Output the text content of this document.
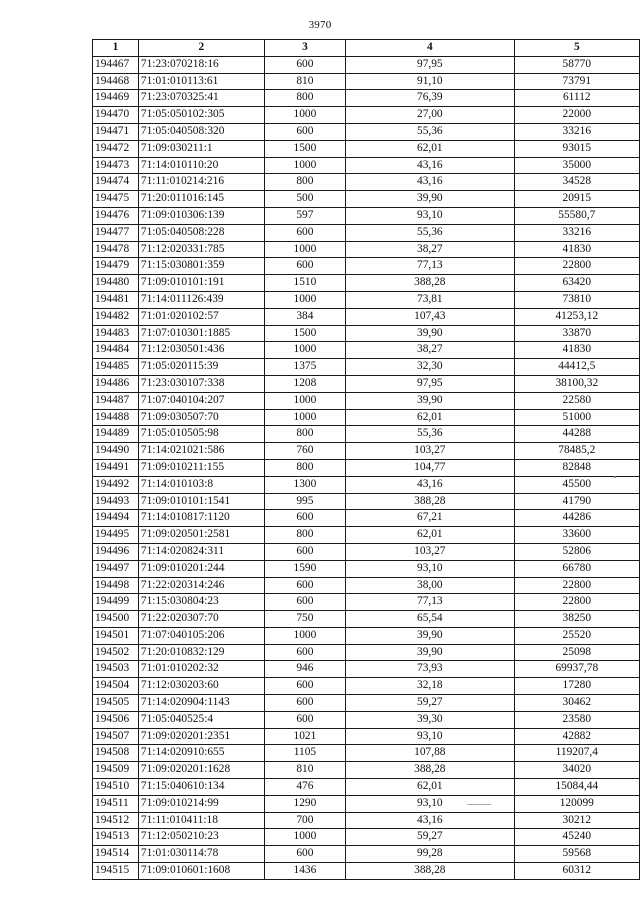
3970
1	2	3	4	5
194467	71:23:070218:16	600	97,95	58770
194468	71:01:010113:61	810	91,10	73791
194469	71:23:070325:41	800	76,39	61112
194470	71:05:050102:305	1000	27,00	22000
194471	71:05:040508:320	600	55,36	33216
194472	71:09:030211:1	1500	62,01	93015
194473	71:14:010110:20	1000	43,16	35000
194474	71:11:010214:216	800	43,16	34528
194475	71:20:011016:145	500	39,90	20915
194476	71:09:010306:139	597	93,10	55580,7
194477	71:05:040508:228	600	55,36	33216
194478	71:12:020331:785	1000	38,27	41830
194479	71:15:030801:359	600	77,13	22800
194480	71:09:010101:191	1510	388,28	63420
194481	71:14:011126:439	1000	73,81	73810
194482	71:01:020102:57	384	107,43	41253,12
194483	71:07:010301:1885	1500	39,90	33870
194484	71:12:030501:436	1000	38,27	41830
194485	71:05:020115:39	1375	32,30	44412,5
194486	71:23:030107:338	1208	97,95	38100,32
194487	71:07:040104:207	1000	39,90	22580
194488	71:09:030507:70	1000	62,01	51000
194489	71:05:010505:98	800	55,36	44288
194490	71:14:021021:586	760	103,27	78485,2
194491	71:09:010211:155	800	104,77	82848
194492	71:14:010103:8	1300	43,16	45500
194493	71:09:010101:1541	995	388,28	41790
194494	71:14:010817:1120	600	67,21	44286
194495	71:09:020501:2581	800	62,01	33600
194496	71:14:020824:311	600	103,27	52806
194497	71:09:010201:244	1590	93,10	66780
194498	71:22:020314:246	600	38,00	22800
194499	71:15:030804:23	600	77,13	22800
194500	71:22:020307:70	750	65,54	38250
194501	71:07:040105:206	1000	39,90	25520
194502	71:20:010832:129	600	39,90	25098
194503	71:01:010202:32	946	73,93	69937,78
194504	71:12:030203:60	600	32,18	17280
194505	71:14:020904:1143	600	59,27	30462
194506	71:05:040525:4	600	39,30	23580
194507	71:09:020201:2351	1021	93,10	42882
194508	71:14:020910:655	1105	107,88	119207,4
194509	71:09:020201:1628	810	388,28	34020
194510	71:15:040610:134	476	62,01	15084,44
194511	71:09:010214:99	1290	93,10	120099
194512	71:11:010411:18	700	43,16	30212
194513	71:12:050210:23	1000	59,27	45240
194514	71:01:030114:78	600	99,28	59568
194515	71:09:010601:1608	1436	388,28	60312
